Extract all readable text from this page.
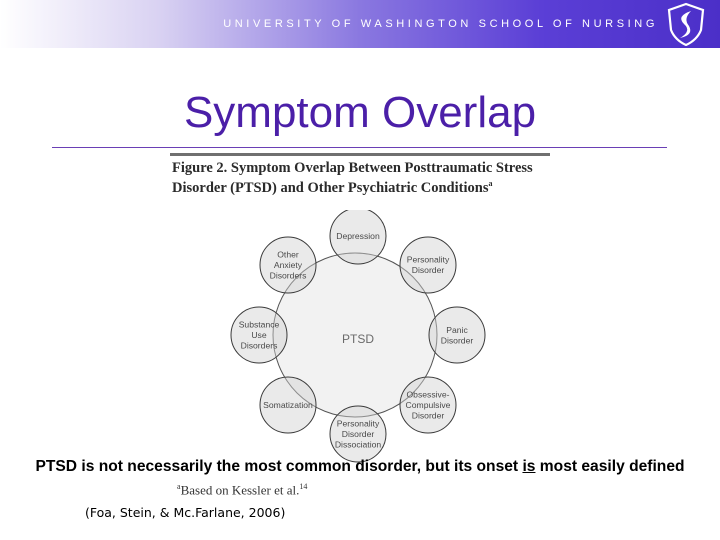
UNIVERSITY OF WASHINGTON SCHOOL OF NURSING
Symptom Overlap
Figure 2. Symptom Overlap Between Posttraumatic Stress
Disorder (PTSD) and Other Psychiatric Conditions$^a$
PTSD
Depression
Personality Disorder
Panic Disorder
Obsessive-Compulsive Disorder
Personality Disorder Dissociation
Somatization
Substance Use Disorders
Other Anxiety Disorders
PTSD is not necessarily the most common disorder, but its onset is most easily defined
$^a$Based on Kessler et al.$^{14}$
(Foa, Stein, & Mc.Farlane, 2006)
